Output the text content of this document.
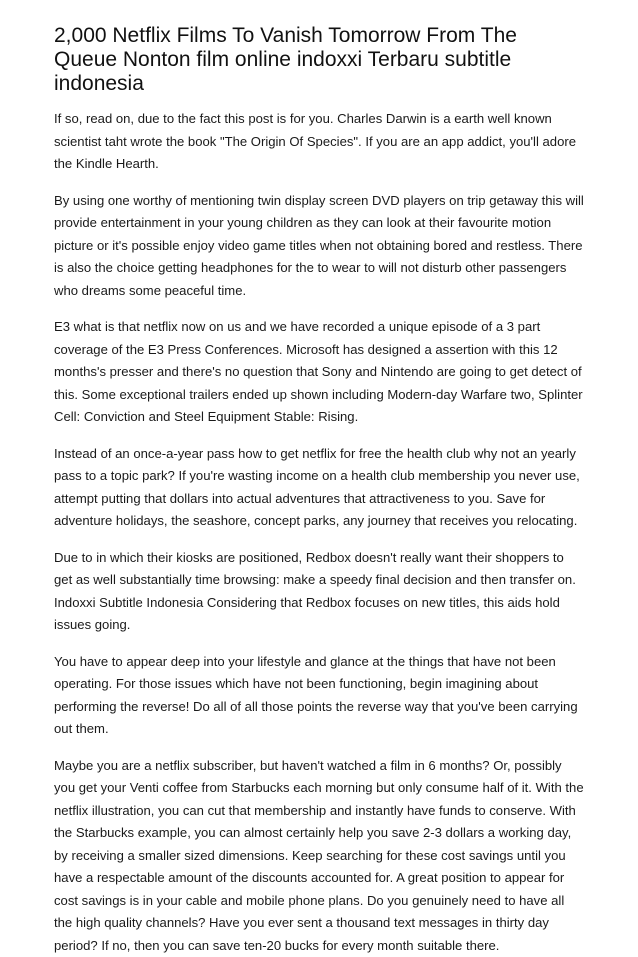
2,000 Netflix Films To Vanish Tomorrow From The Queue Nonton film online indoxxi Terbaru subtitle indonesia

If so, read on, due to the fact this post is for you. Charles Darwin is a earth well known scientist taht wrote the book "The Origin Of Species". If you are an app addict, you'll adore the Kindle Hearth.

By using one worthy of mentioning twin display screen DVD players on trip getaway this will provide entertainment in your young children as they can look at their favourite motion picture or it's possible enjoy video game titles when not obtaining bored and restless. There is also the choice getting headphones for the to wear to will not disturb other passengers who dreams some peaceful time.

E3 what is that netflix now on us and we have recorded a unique episode of a 3 part coverage of the E3 Press Conferences. Microsoft has designed a assertion with this 12 months's presser and there's no question that Sony and Nintendo are going to get detect of this. Some exceptional trailers ended up shown including Modern-day Warfare two, Splinter Cell: Conviction and Steel Equipment Stable: Rising.

Instead of an once-a-year pass how to get netflix for free the health club why not an yearly pass to a topic park? If you're wasting income on a health club membership you never use, attempt putting that dollars into actual adventures that attractiveness to you. Save for adventure holidays, the seashore, concept parks, any journey that receives you relocating.

Due to in which their kiosks are positioned, Redbox doesn't really want their shoppers to get as well substantially time browsing: make a speedy final decision and then transfer on. Indoxxi Subtitle Indonesia Considering that Redbox focuses on new titles, this aids hold issues going.

You have to appear deep into your lifestyle and glance at the things that have not been operating. For those issues which have not been functioning, begin imagining about performing the reverse! Do all of all those points the reverse way that you've been carrying out them.

Maybe you are a netflix subscriber, but haven't watched a film in 6 months? Or, possibly you get your Venti coffee from Starbucks each morning but only consume half of it. With the netflix illustration, you can cut that membership and instantly have funds to conserve. With the Starbucks example, you can almost certainly help you save 2-3 dollars a working day, by receiving a smaller sized dimensions. Keep searching for these cost savings until you have a respectable amount of the discounts accounted for. A great position to appear for cost savings is in your cable and mobile phone plans. Do you genuinely need to have all the high quality channels? Have you ever sent a thousand text messages in thirty day period? If no, then you can save ten-20 bucks for every month suitable there.
